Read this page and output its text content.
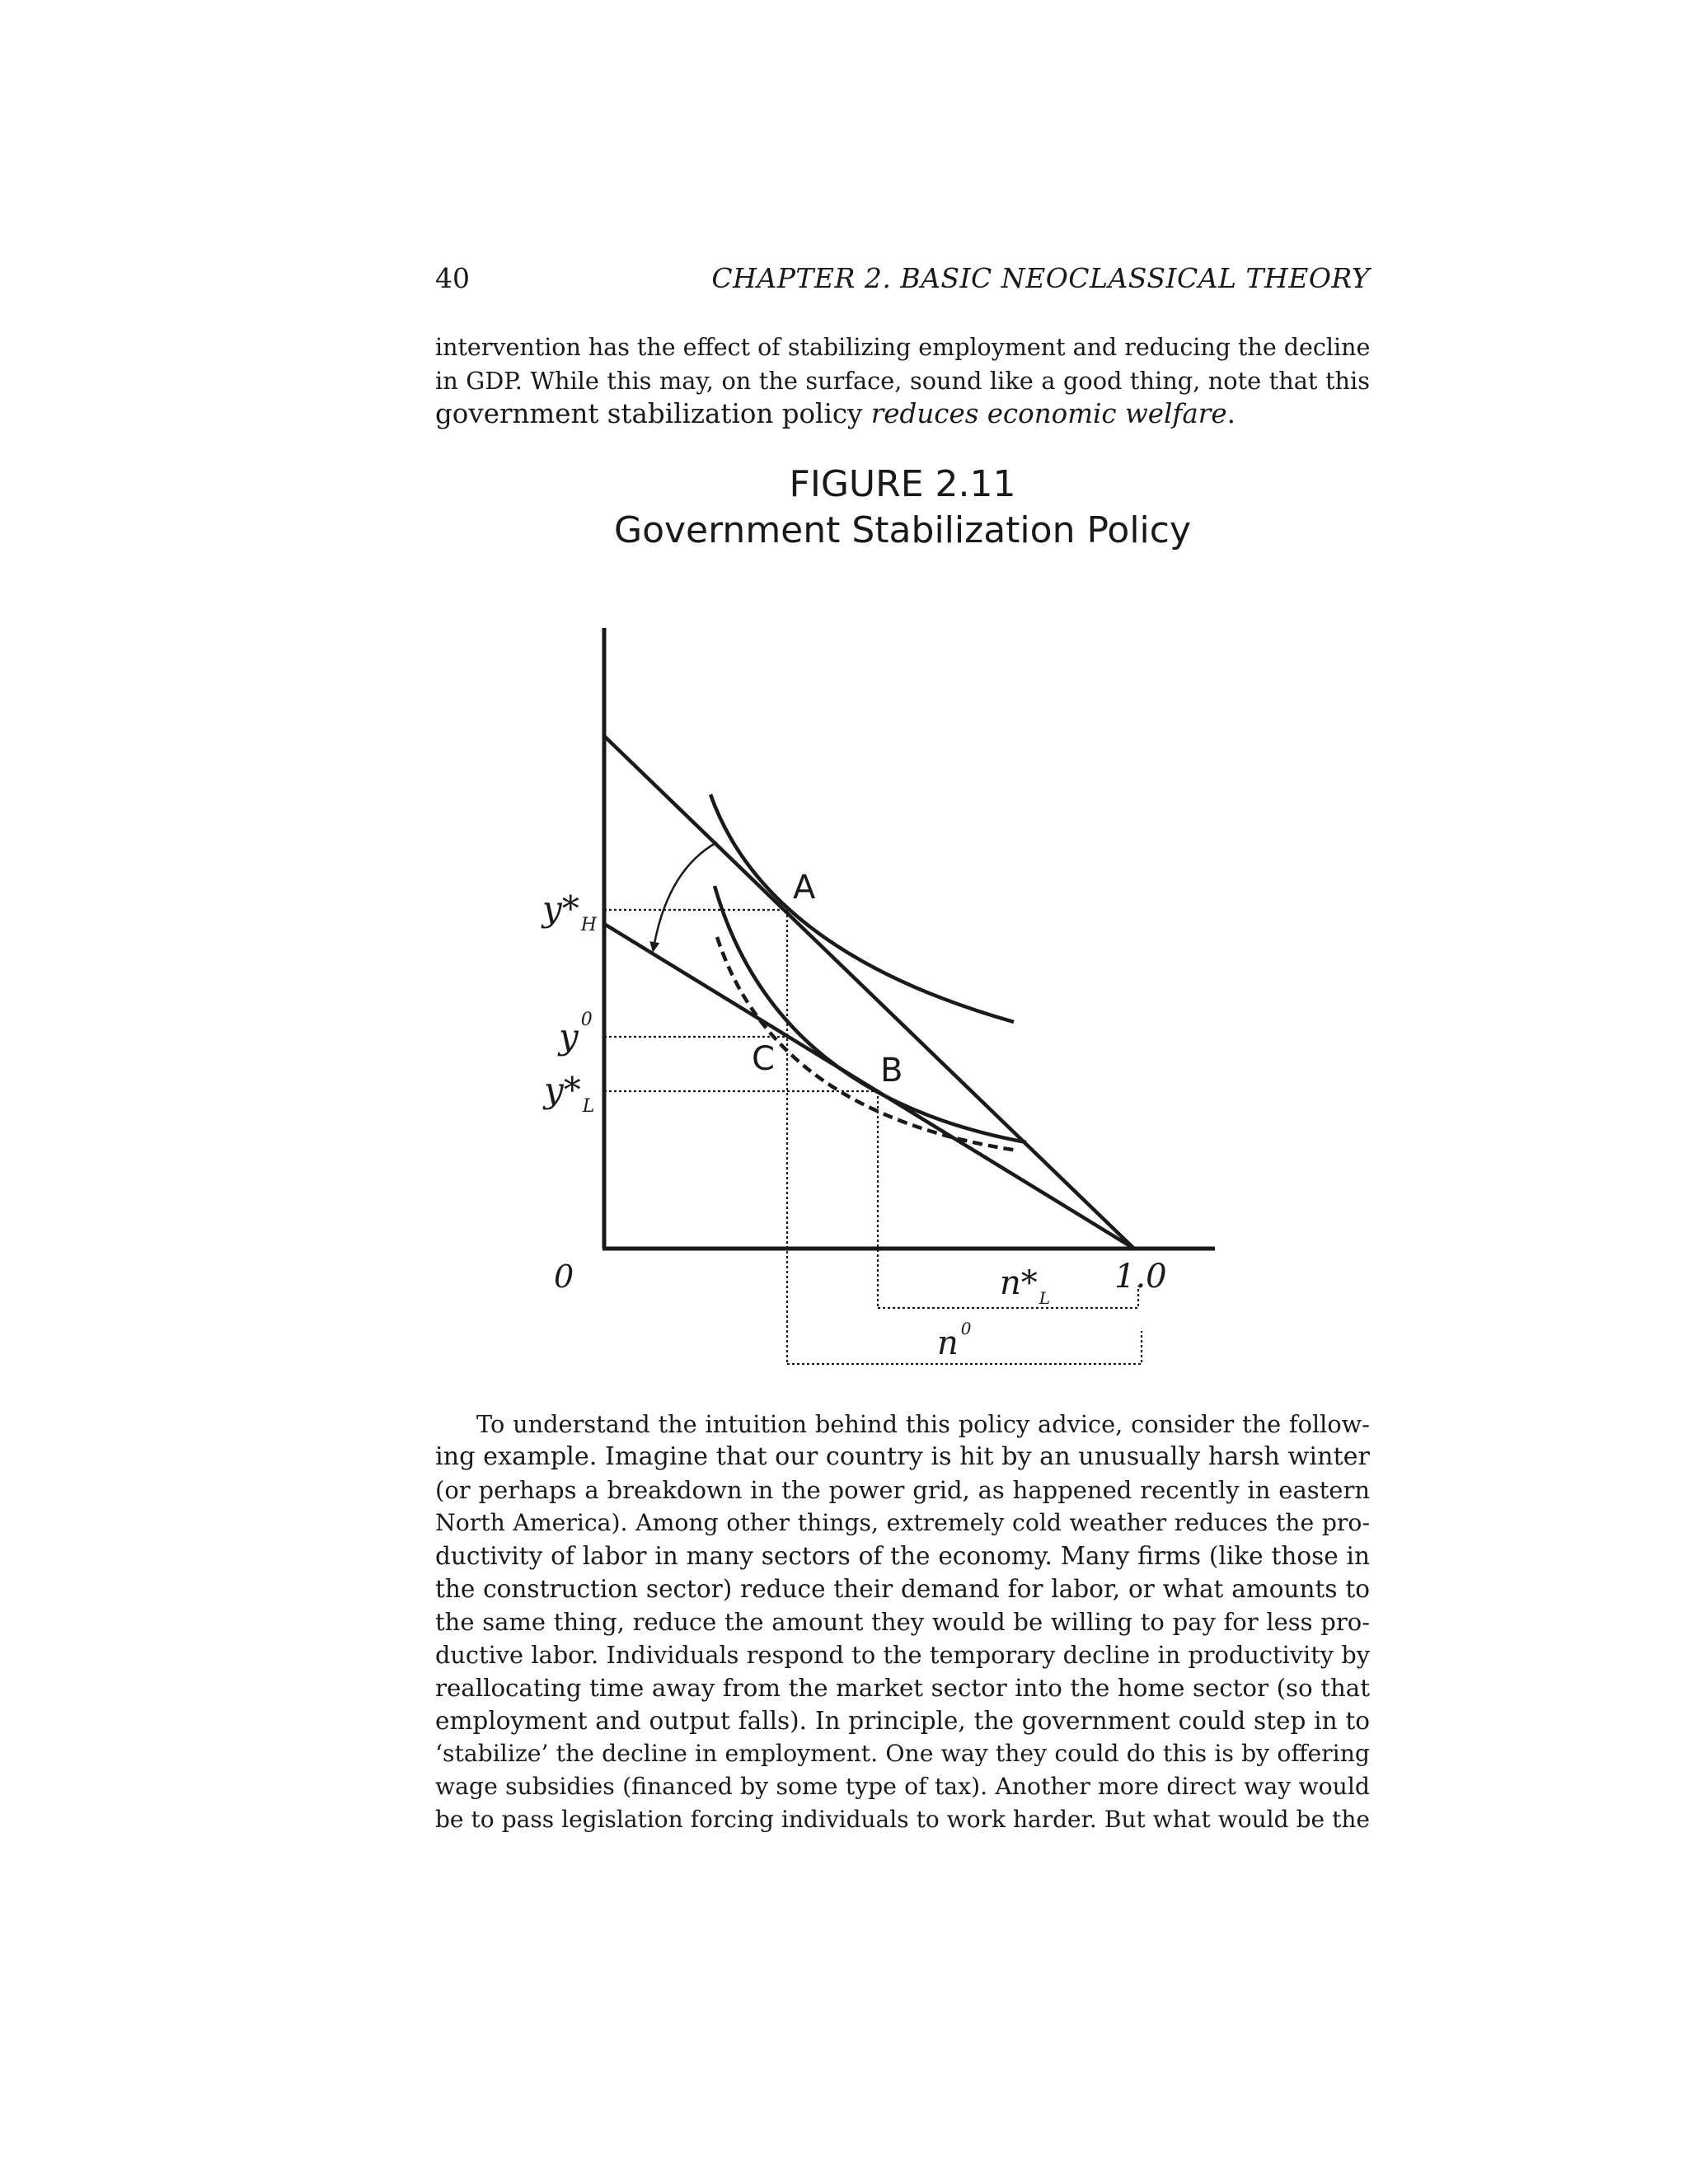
40	CHAPTER 2. BASIC NEOCLASSICAL THEORY
intervention has the effect of stabilizing employment and reducing the decline
in GDP. While this may, on the surface, sound like a good thing, note that this
government stabilization policy reduces economic welfare.
FIGURE 2.11
Government Stabilization Policy
0
$y*_H$
y $^0$
$y*_L$
A
B
C
n* $_L$
n $^0$
1.0
To understand the intuition behind this policy advice, consider the follow-
ing example. Imagine that our country is hit by an unusually harsh winter
(or perhaps a breakdown in the power grid, as happened recently in eastern
North America). Among other things, extremely cold weather reduces the pro-
ductivity of labor in many sectors of the economy. Many firms (like those in
the construction sector) reduce their demand for labor, or what amounts to
the same thing, reduce the amount they would be willing to pay for less pro-
ductive labor. Individuals respond to the temporary decline in productivity by
reallocating time away from the market sector into the home sector (so that
employment and output falls). In principle, the government could step in to
‘stabilize’ the decline in employment. One way they could do this is by offering
wage subsidies (financed by some type of tax). Another more direct way would
be to pass legislation forcing individuals to work harder. But what would be the
